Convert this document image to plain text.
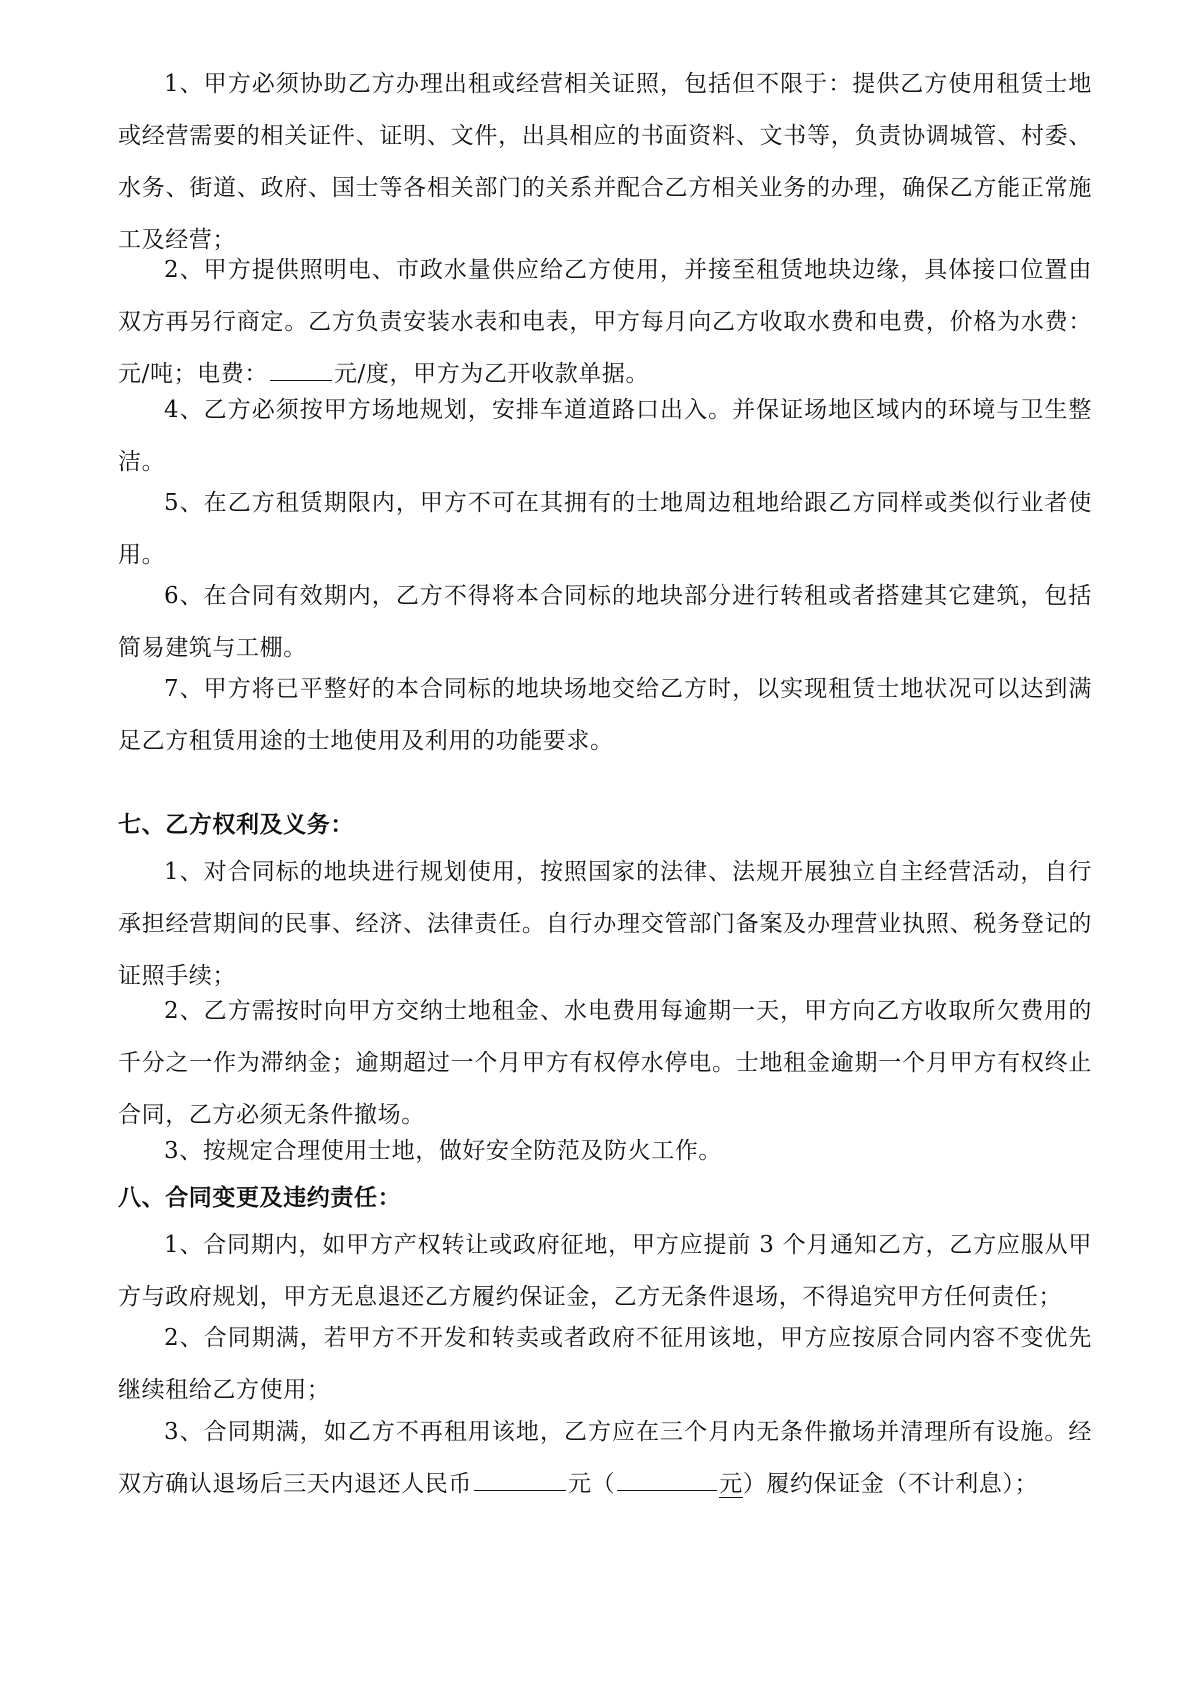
1、甲方必须协助乙方办理出租或经营相关证照，包括但不限于：提供乙方使用租赁士地或经营需要的相关证件、证明、文件，出具相应的书面资料、文书等，负责协调城管、村委、水务、街道、政府、国士等各相关部门的关系并配合乙方相关业务的办理，确保乙方能正常施工及经营；

2、甲方提供照明电、市政水量供应给乙方使用，并接至租赁地块边缘，具体接口位置由双方再另行商定。乙方负责安装水表和电表，甲方每月向乙方收取水费和电费，价格为水费：元/吨；电费：	元/度，甲方为乙开收款单据。

4、乙方必须按甲方场地规划，安排车道道路口出入。并保证场地区域内的环境与卫生整洁。

5、在乙方租赁期限内，甲方不可在其拥有的士地周边租地给跟乙方同样或类似行业者使用。

6、在合同有效期内，乙方不得将本合同标的地块部分进行转租或者搭建其它建筑，包括简易建筑与工棚。

7、甲方将已平整好的本合同标的地块场地交给乙方时，以实现租赁士地状况可以达到满足乙方租赁用途的士地使用及利用的功能要求。

七、乙方权利及义务：

1、对合同标的地块进行规划使用，按照国家的法律、法规开展独立自主经营活动，自行承担经营期间的民事、经济、法律责任。自行办理交管部门备案及办理营业执照、税务登记的证照手续；

2、乙方需按时向甲方交纳士地租金、水电费用每逾期一天，甲方向乙方收取所欠费用的千分之一作为滞纳金；逾期超过一个月甲方有权停水停电。士地租金逾期一个月甲方有权终止合同，乙方必须无条件撤场。

3、按规定合理使用士地，做好安全防范及防火工作。

八、合同变更及违约责任：

1、合同期内，如甲方产权转让或政府征地，甲方应提前 3 个月通知乙方，乙方应服从甲方与政府规划，甲方无息退还乙方履约保证金，乙方无条件退场，不得追究甲方任何责任；

2、合同期满，若甲方不开发和转卖或者政府不征用该地，甲方应按原合同内容不变优先继续租给乙方使用；

3、合同期满，如乙方不再租用该地，乙方应在三个月内无条件撤场并清理所有设施。经双方确认退场后三天内退还人民币	元（	元）履约保证金（不计利息）；
